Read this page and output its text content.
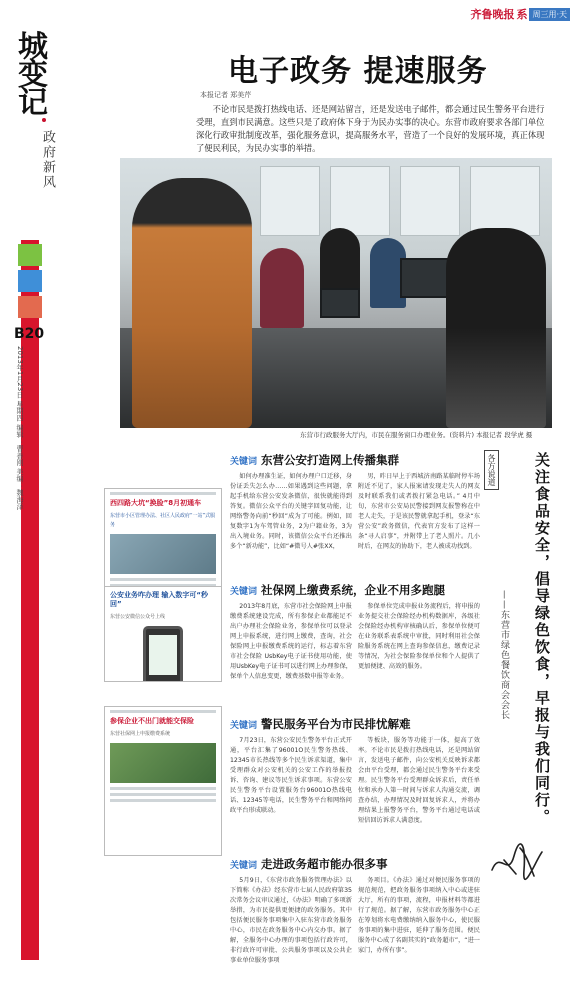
齐鲁晚报 系 周三用·天
城变记
政府新风
B20
2013年1月23日 星期四 编辑：曹善刚 美编：魏海泽
电子政务 提速服务
本报记者 郑美芹

不论市民是拨打热线电话、还是网站留言，还是发送电子邮件，都会通过民生警务平台进行受理，直到市民满意。这些只是了政府体下身于为民办实事的决心。东营市政府要求各部门单位深化行政审批制度改革，强化服务意识，提高服务水平，营造了一个良好的发展环境，真正体现了便民利民，为民办实事的举措。

东营市行政服务大厅内，市民在服务窗口办理业务。(资料片) 本报记者 段学虎 摄
西四路大坑“换脸”8月初通车
东营市小区管理办法、社区人民政府“一站”式服务
公安业务咋办理 输入数字可“秒回”
东营公安微信公众号上线
参保企业不出门就能交保险
东营社保网上申报缴费系统
关键词 东营公安打造网上传播集群

如何办理准生证，如何办理户口迁移，身份证丢失怎么办……如果遇到这些问题，拿起手机给东营公安发条微信，很快就能得到答复。微信公众平台的关键字回复功能，让网络警务向前“秒回”成为了可能。例如，回复数字1为车驾管业务，2为户籍业务，3为出入境业务。同时，该微信公众平台还推出多个“新功能”，比如“#微号人#张XX，

男，昨日早上于西城济南路某临时停车场附近不见了，家人报案请发现走失人的网友及时联系我们或者拨打紧急电话。” 4月中旬，东营市公安局民警接到网友报警称在中老人走失，于是该民警就拿起手机，登录“东营公安”政务微信，代表官方发布了这样一条“寻人启事”，并附带上了老人照片。几小时后，在网友的协助下，老人被成功找到。

关键词 社保网上缴费系统，企业不用多跑腿

2013年8月底，东营市社会保险网上申报缴费系统建设完成，所有参保企业都能足不出户办理社会保险业务，参保单位可以登录网上申报系统，进行网上缴费，查询，社会保险网上申报缴费系统的运行，标志着东营市社会保险 UsbKey电子证书使用功能，使用UsbKey电子证书可以进行网上办理参保，保单个人信息变更，缴费基数申报等业务。

参保单位完成申报业务流程后，将申报的业务提交社会保险经办机构数据库，各级社会保险经办机构审核确认后，参保单位便可在业务联系表系统中审批，同时利用社会保险服务系统在网上查询参保信息，缴费记录等情况，为社会保险参保单位和个人提供了更加便捷、高效的服务。

关键词 警民服务平台为市民排忧解难

7月23日，东营公安民生警务平台正式开通，平台汇集了96001O民生警务热线、12345市长热线等多个民生诉求渠道，集中受理群众对公安机关的公安工作的举报投诉、咨询、建议等民生诉求事项。东营公安民生警务平台设置服务台96001O热线电话、12345等电话，民生警务平台和网络问政平台形成联动。

等板块，服务等功能于一体，提高了效率。不论市民是拨打热线电话，还是网站留言，发送电子邮件，向公安机关反映诉求都会由平台受理，都会通过民生警务平台来受理。民生警务平台受理群众诉求后，责任单位和承办人第一时间与诉求人沟通交流，调查办结，办理情况及时回复诉求人，并将办理结果上报警务平台，警务平台通过电话或短信回访诉求人满意度。

关键词 走进政务超市能办很多事

5月9日，《东营市政务服务管理办法》以下简称《办法》经东营市七届人民政府第35次常务会议审议通过，《办法》明确了多项新举措，为市民提供更便捷的政务服务。其中包括便民服务事项集中入驻东营市政务服务中心，市民在政务服务中心内交办事。据了解，全服务中心办理的事项包括行政许可，非行政许可审批、公共服务事项以及公共企事业单位服务事项

务项目。《办法》通过对便民服务事项的规范规范，把政务服务事项纳入中心或进驻大厅，所有的事项，流程，申报材料等都进行了规范。据了解，东营市政务服务中心正在筹划将水电费缴纳纳入服务中心，使民服务事项的集中进驻，延伸了服务范围。便民服务中心成了名副其实的“政务超市”，“进一家门，办所有事”。

各方说道 关注食品安全，倡导绿色饮食，早报与我们同行。
——东营市绿色餐饮商会会长
